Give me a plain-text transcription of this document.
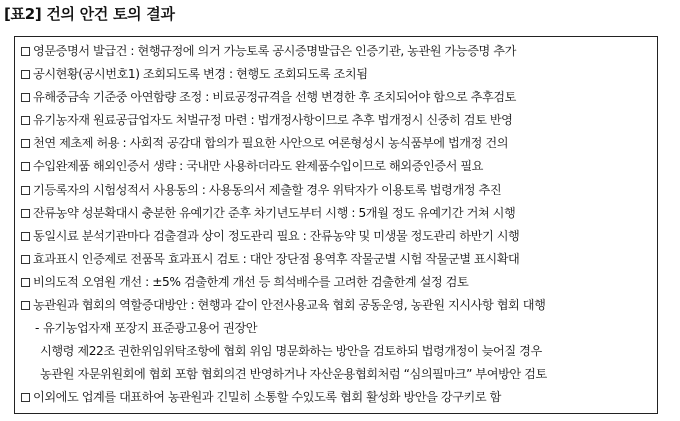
[표2] 건의 안건 토의 결과
영문증명서 발급건 : 현행규정에 의거 가능토록 공시증명발급은 인증기관, 농관원 가능증명 추가
공시현황(공시번호1) 조회되도록 변경 : 현행도 조회되도록 조치됨
유해중금속 기준중 아연함량 조정 : 비료공정규격을 선행 변경한 후 조치되어야 함으로 추후검토
유기농자재 원료공급업자도 처벌규정 마련 : 법개정사항이므로 추후 법개정시 신중히 검토 반영
천연 제초제 허용 : 사회적 공감대 합의가 필요한 사안으로 여론형성시 농식품부에 법개정 건의
수입완제품 해외인증서 생략 : 국내만 사용하더라도 완제품수입이므로 해외증인증서 필요
기등록자의 시험성적서 사용동의 : 사용동의서 제출할 경우 위탁자가 이용토록 법령개정 추진
잔류농약 성분확대시 충분한 유예기간 준후 차기년도부터 시행 : 5개월 정도 유예기간 거쳐 시행
동일시료 분석기관마다 검출결과 상이 정도관리 필요 : 잔류농약 및 미생물 정도관리 하반기 시행
효과표시 인증제로 전품목 효과표시 검토 : 대안 장단점 용역후 작물군별 시험 작물군별 표시확대
비의도적 오염원 개선 : ±5% 검출한계 개선 등 희석배수를 고려한 검출한계 설정 검토
농관원과 협회의 역할증대방안 : 현행과 같이 안전사용교육 협회 공동운영, 농관원 지시사항 협회 대행
- 유기농업자재 포장지 표준광고용어 권장안
시행령 제22조 권한위임위탁조항에 협회 위임 명문화하는 방안을 검토하되 법령개정이 늦어질 경우
농관원 자문위원회에 협회 포함 협회의견 반영하거나 자산운용협회처럼 “심의필마크” 부여방안 검토
이외에도 업계를 대표하여 농관원과 긴밀히 소통할 수있도록 협회 활성화 방안을 강구키로 함
